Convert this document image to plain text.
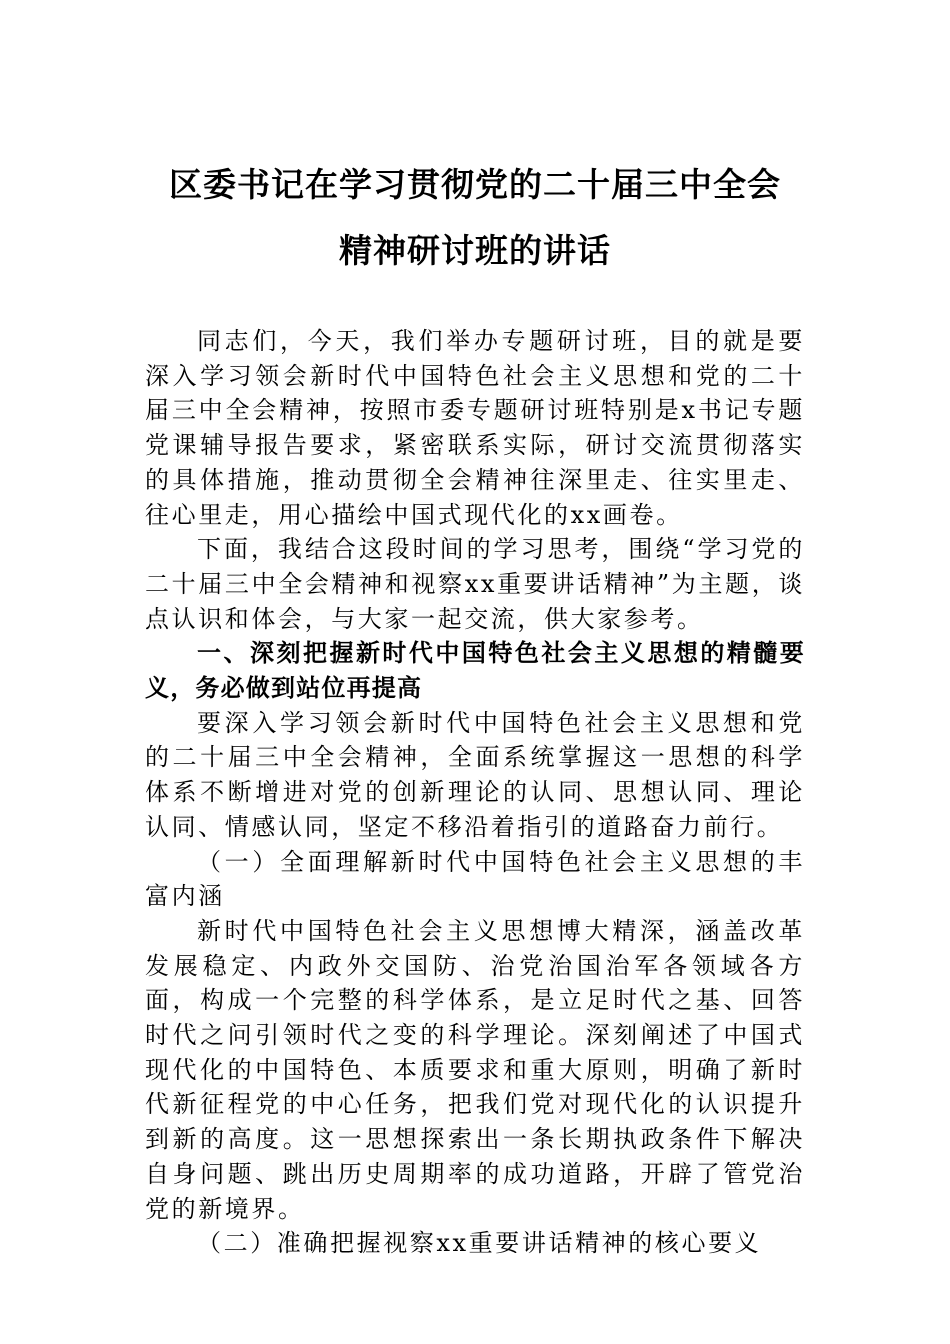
区委书记在学习贯彻党的二十届三中全会
精神研讨班的讲话

同志们，今天，我们举办专题研讨班，目的就是要深入学习领会新时代中国特色社会主义思想和党的二十届三中全会精神，按照市委专题研讨班特别是x书记专题党课辅导报告要求，紧密联系实际，研讨交流贯彻落实的具体措施，推动贯彻全会精神往深里走、往实里走、往心里走，用心描绘中国式现代化的xx画卷。

下面，我结合这段时间的学习思考，围绕“学习党的二十届三中全会精神和视察xx重要讲话精神”为主题，谈点认识和体会，与大家一起交流，供大家参考。

一、深刻把握新时代中国特色社会主义思想的精髓要义，务必做到站位再提高

要深入学习领会新时代中国特色社会主义思想和党的二十届三中全会精神，全面系统掌握这一思想的科学体系不断增进对党的创新理论的认同、思想认同、理论认同、情感认同，坚定不移沿着指引的道路奋力前行。

（一）全面理解新时代中国特色社会主义思想的丰富内涵

新时代中国特色社会主义思想博大精深，涵盖改革发展稳定、内政外交国防、治党治国治军各领域各方面，构成一个完整的科学体系，是立足时代之基、回答时代之问引领时代之变的科学理论。深刻阐述了中国式现代化的中国特色、本质要求和重大原则，明确了新时代新征程党的中心任务，把我们党对现代化的认识提升到新的高度。这一思想探索出一条长期执政条件下解决自身问题、跳出历史周期率的成功道路，开辟了管党治党的新境界。

（二）准确把握视察xx重要讲话精神的核心要义
